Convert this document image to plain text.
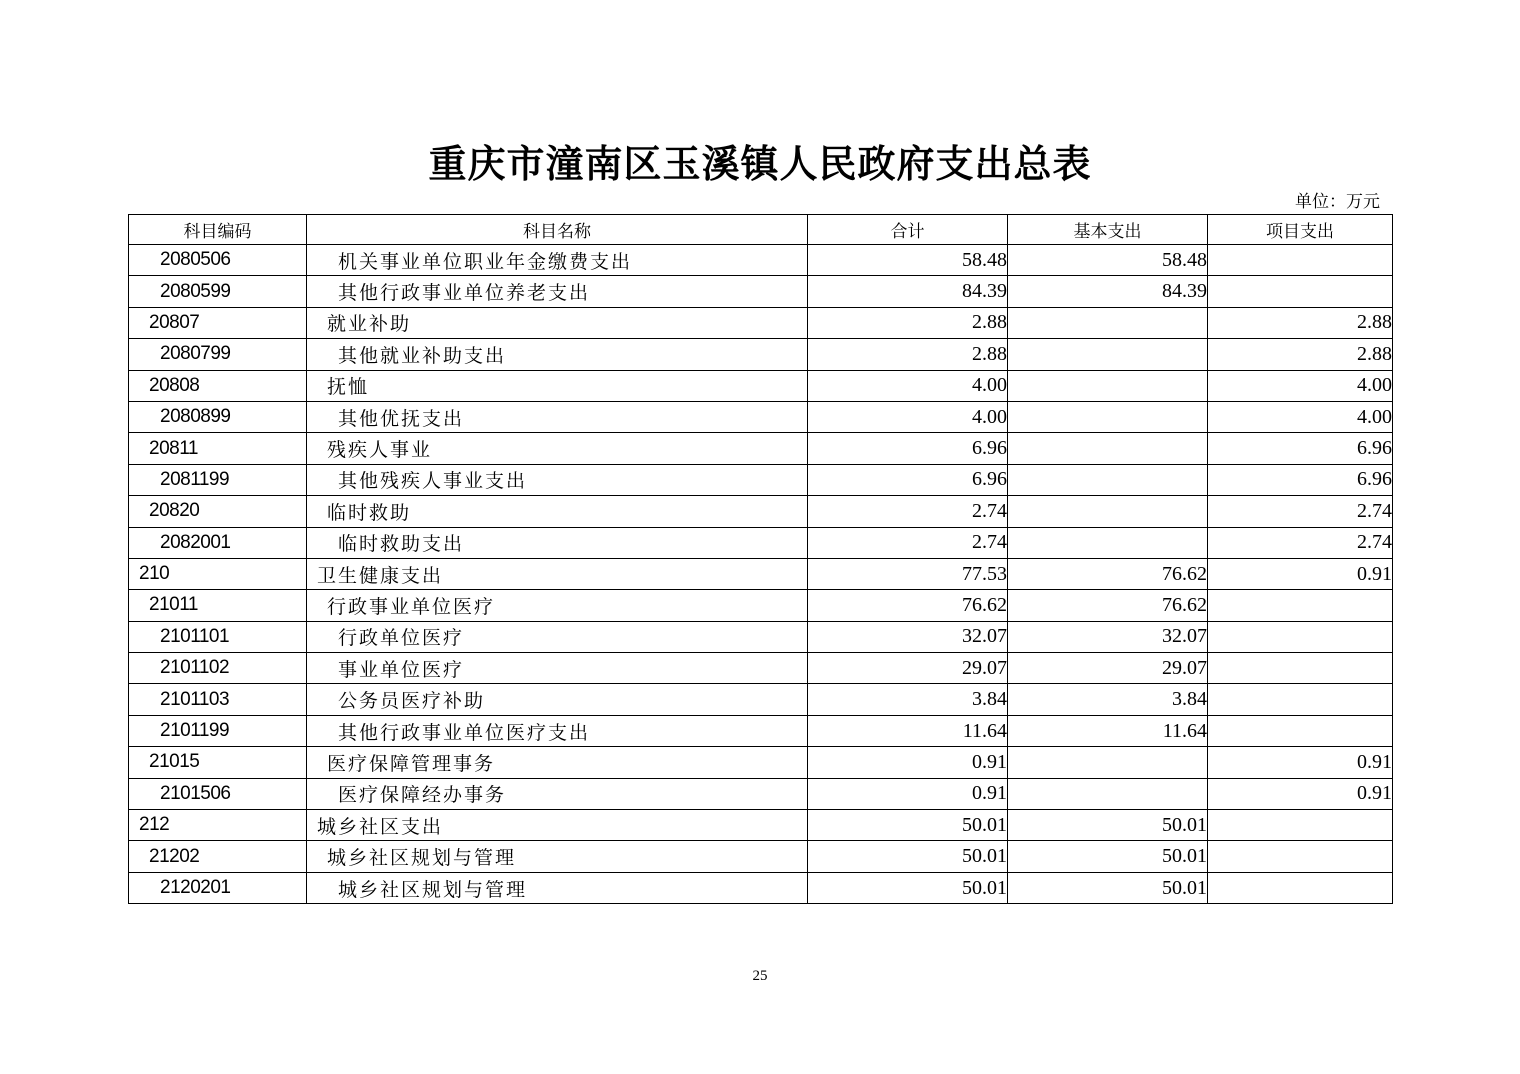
重庆市潼南区玉溪镇人民政府支出总表
单位：万元
科目编码	科目名称	合计	基本支出	项目支出
2080506	机关事业单位职业年金缴费支出	58.48	58.48	
2080599	其他行政事业单位养老支出	84.39	84.39	
20807	就业补助	2.88		2.88
2080799	其他就业补助支出	2.88		2.88
20808	抚恤	4.00		4.00
2080899	其他优抚支出	4.00		4.00
20811	残疾人事业	6.96		6.96
2081199	其他残疾人事业支出	6.96		6.96
20820	临时救助	2.74		2.74
2082001	临时救助支出	2.74		2.74
210	卫生健康支出	77.53	76.62	0.91
21011	行政事业单位医疗	76.62	76.62	
2101101	行政单位医疗	32.07	32.07	
2101102	事业单位医疗	29.07	29.07	
2101103	公务员医疗补助	3.84	3.84	
2101199	其他行政事业单位医疗支出	11.64	11.64	
21015	医疗保障管理事务	0.91		0.91
2101506	医疗保障经办事务	0.91		0.91
212	城乡社区支出	50.01	50.01	
21202	城乡社区规划与管理	50.01	50.01	
2120201	城乡社区规划与管理	50.01	50.01	
25
